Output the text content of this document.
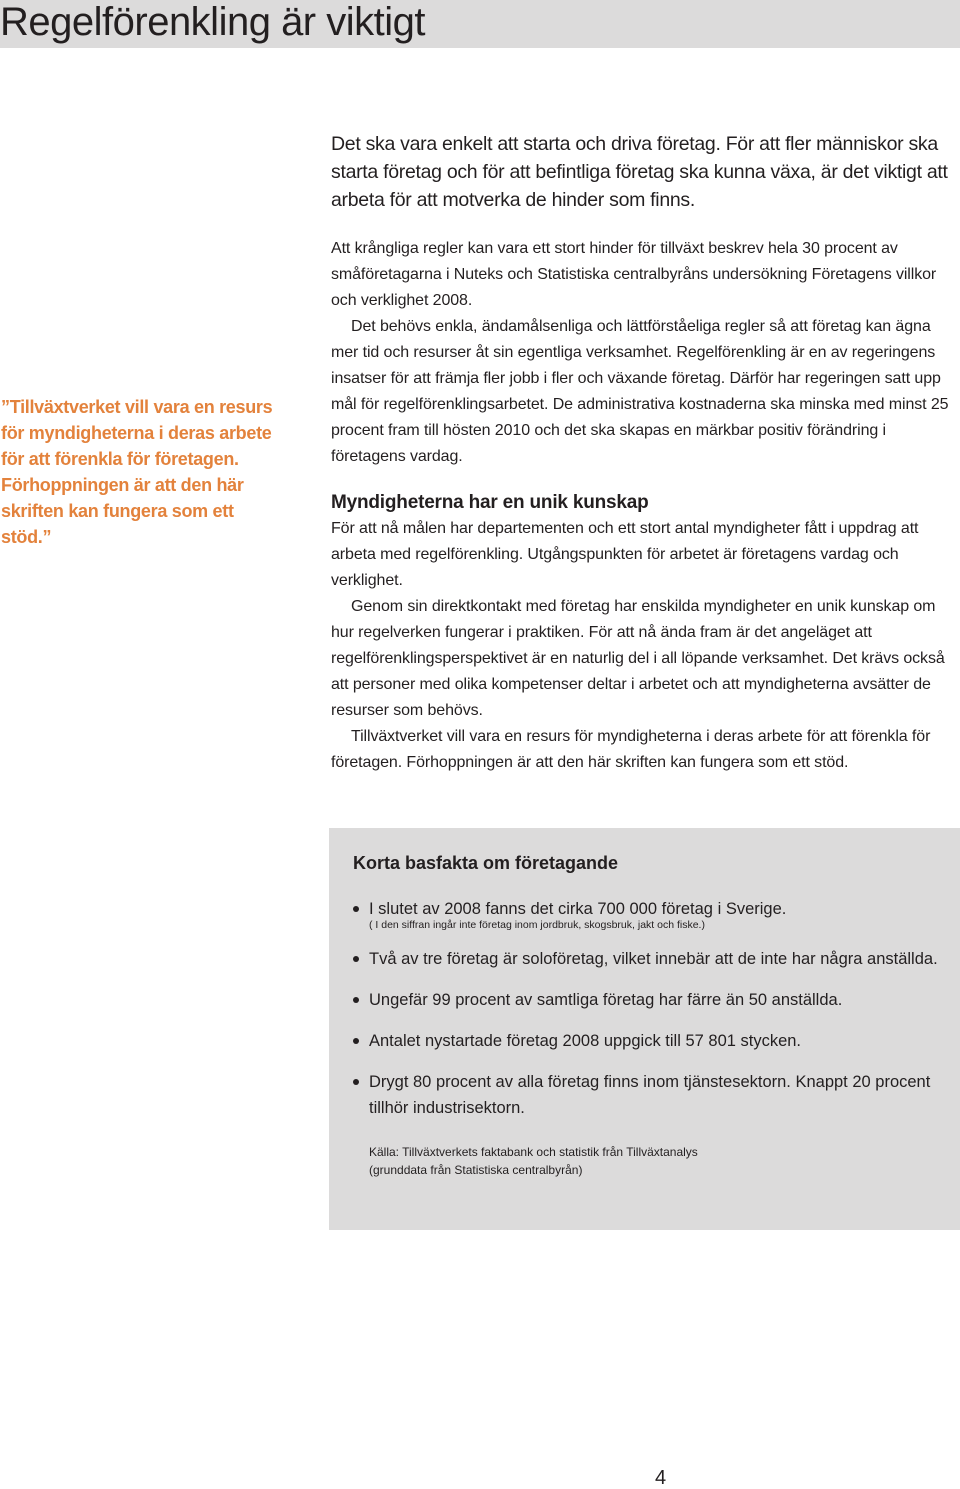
Regelförenkling är viktigt

Det ska vara enkelt att starta och driva företag. För att fler människor ska starta företag och för att befintliga företag ska kunna växa, är det viktigt att arbeta för att motverka de hinder som finns.

”Tillväxtverket vill vara en resurs för myndigheterna i deras arbete för att förenkla för företagen. Förhoppningen är att den här skriften kan fungera som ett stöd.”

Att krångliga regler kan vara ett stort hinder för tillväxt beskrev hela 30 procent av småföretagarna i Nuteks och Statistiska centralbyråns undersökning Företagens villkor och verklighet 2008.

Det behövs enkla, ändamålsenliga och lättförståeliga regler så att företag kan ägna mer tid och resurser åt sin egentliga verksamhet. Regelförenkling är en av regeringens insatser för att främja fler jobb i fler och växande företag. Därför har regeringen satt upp mål för regelförenklingsarbetet. De administrativa kostnaderna ska minska med minst 25 procent fram till hösten 2010 och det ska skapas en märkbar positiv förändring i företagens vardag.

Myndigheterna har en unik kunskap

För att nå målen har departementen och ett stort antal myndigheter fått i uppdrag att arbeta med regelförenkling. Utgångspunkten för arbetet är företagens vardag och verklighet.

Genom sin direktkontakt med företag har enskilda myndigheter en unik kunskap om hur regelverken fungerar i praktiken. För att nå ända fram är det angeläget att regelförenklingsperspektivet är en naturlig del i all löpande verksamhet. Det krävs också att personer med olika kompetenser deltar i arbetet och att myndigheterna avsätter de resurser som behövs.

Tillväxtverket vill vara en resurs för myndigheterna i deras arbete för att förenkla för företagen. Förhoppningen är att den här skriften kan fungera som ett stöd.

Korta basfakta om företagande
I slutet av 2008 fanns det cirka 700 000 företag i Sverige.
( I den siffran ingår inte företag inom jordbruk, skogsbruk, jakt och fiske.)
Två av tre företag är soloföretag, vilket innebär att de inte har några anställda.
Ungefär 99 procent av samtliga företag har färre än 50 anställda.
Antalet nystartade företag 2008 uppgick till 57 801 stycken.
Drygt 80 procent av alla företag finns inom tjänstesektorn. Knappt 20 procent tillhör industrisektorn.
Källa: Tillväxtverkets faktabank och statistik från Tillväxtanalys
(grunddata från Statistiska centralbyrån)
4
